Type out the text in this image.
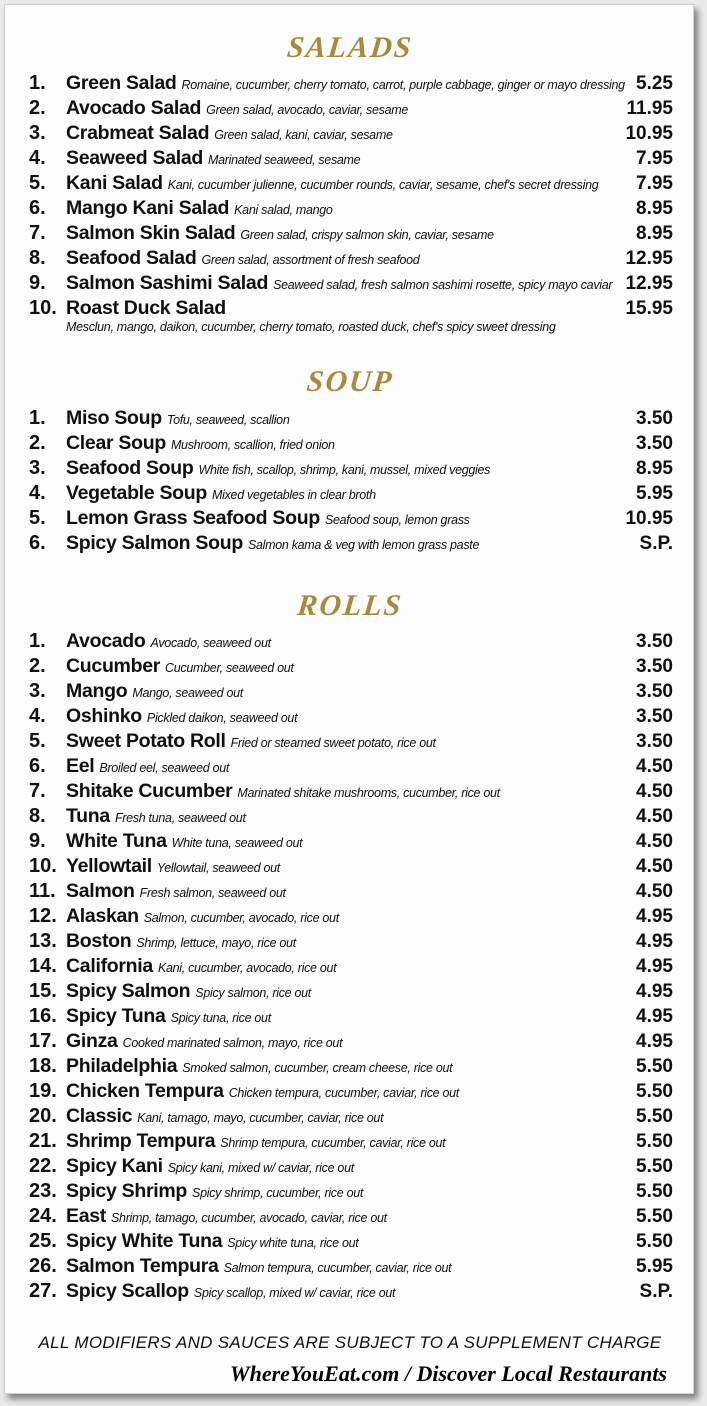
SALADS
1. Green Salad Romaine, cucumber, cherry tomato, carrot, purple cabbage, ginger or mayo dressing 5.25
2. Avocado Salad Green salad, avocado, caviar, sesame	11.95
3. Crabmeat Salad Green salad, kani, caviar, sesame	10.95
4. Seaweed Salad Marinated seaweed, sesame	7.95
5. Kani Salad Kani, cucumber julienne, cucumber rounds, caviar, sesame, chef's secret dressing 7.95
6. Mango Kani Salad Kani salad, mango	8.95
7. Salmon Skin Salad Green salad, crispy salmon skin, caviar, sesame	8.95
8. Seafood Salad Green salad, assortment of fresh seafood	12.95
9. Salmon Sashimi Salad Seaweed salad, fresh salmon sashimi rosette, spicy mayo caviar 12.95
10. Roast Duck Salad	15.95
Mesclun, mango, daikon, cucumber, cherry tomato, roasted duck, chef's spicy sweet dressing
SOUP
1. Miso Soup Tofu, seaweed, scallion	3.50
2. Clear Soup Mushroom, scallion, fried onion	3.50
3. Seafood Soup White fish, scallop, shrimp, kani, mussel, mixed veggies	8.95
4. Vegetable Soup Mixed vegetables in clear broth	5.95
5. Lemon Grass Seafood Soup Seafood soup, lemon grass	10.95
6. Spicy Salmon Soup Salmon kama & veg with lemon grass paste	S.P.
ROLLS
1. Avocado Avocado, seaweed out	3.50
2. Cucumber Cucumber, seaweed out	3.50
3. Mango Mango, seaweed out	3.50
4. Oshinko Pickled daikon, seaweed out	3.50
5. Sweet Potato Roll Fried or steamed sweet potato, rice out	3.50
6. Eel Broiled eel, seaweed out	4.50
7. Shitake Cucumber Marinated shitake mushrooms, cucumber, rice out	4.50
8. Tuna Fresh tuna, seaweed out	4.50
9. White Tuna White tuna, seaweed out	4.50
10. Yellowtail Yellowtail, seaweed out	4.50
11. Salmon Fresh salmon, seaweed out	4.50
12. Alaskan Salmon, cucumber, avocado, rice out	4.95
13. Boston Shrimp, lettuce, mayo, rice out	4.95
14. California Kani, cucumber, avocado, rice out	4.95
15. Spicy Salmon Spicy salmon, rice out	4.95
16. Spicy Tuna Spicy tuna, rice out	4.95
17. Ginza Cooked marinated salmon, mayo, rice out	4.95
18. Philadelphia Smoked salmon, cucumber, cream cheese, rice out	5.50
19. Chicken Tempura Chicken tempura, cucumber, caviar, rice out	5.50
20. Classic Kani, tamago, mayo, cucumber, caviar, rice out	5.50
21. Shrimp Tempura Shrimp tempura, cucumber, caviar, rice out	5.50
22. Spicy Kani Spicy kani, mixed w/ caviar, rice out	5.50
23. Spicy Shrimp Spicy shrimp, cucumber, rice out	5.50
24. East Shrimp, tamago, cucumber, avocado, caviar, rice out	5.50
25. Spicy White Tuna Spicy white tuna, rice out	5.50
26. Salmon Tempura Salmon tempura, cucumber, caviar, rice out	5.95
27. Spicy Scallop Spicy scallop, mixed w/ caviar, rice out	S.P.
ALL MODIFIERS AND SAUCES ARE SUBJECT TO A SUPPLEMENT CHARGE
WhereYouEat.com / Discover Local Restaurants
